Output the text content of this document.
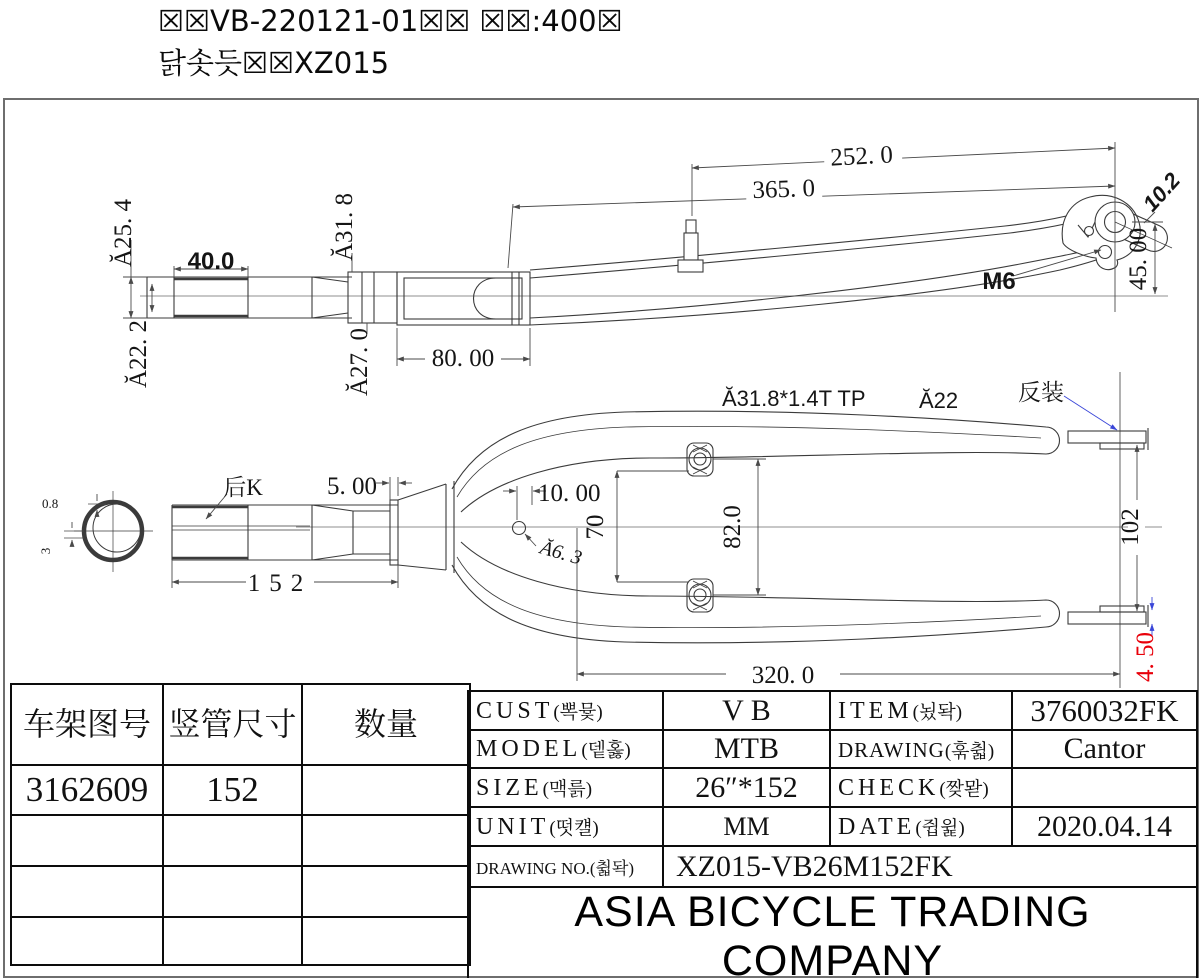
☒☒VB-220121-01☒☒ ☒☒:400☒
닭솟듯☒☒XZ015
Ă25. 4
Ă22. 2
40.0
Ă31. 8
Ă27. 0 80. 00
365. 0
252. 0
45. 00
10.2
M6
0.8
3
后K	5. 00
152
10. 00
Ă6. 3
70	82.0
Ă31.8*1.4T TP Ă22	反装
102
4. 50
320. 0
车架图号	竖管尺寸	数量
3162609	152	

CUST(뽁뮻)	V B	ITEM(뇠돡)	3760032FK
MODEL(뎉홇)	MTB	DRAWING(훆췳)	Cantor
SIZE(맥륽)	26″*152	CHECK(짲뫋)	
UNIT(떳컐)	MM	DATE(쥡윑)	2020.04.14
DRAWING NO.(췳돡)	XZ015-VB26M152FK		
ASIA BICYCLE TRADING COMPANY			
